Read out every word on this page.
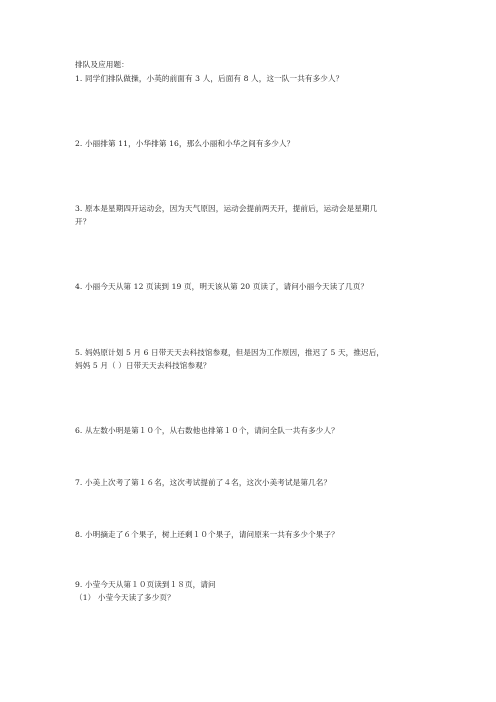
排队及应用题：
1. 同学们排队做操，小英的前面有 3 人，后面有 8 人，这一队一共有多少人？
2. 小丽排第 11，小华排第 16，那么小丽和小华之间有多少人？
3. 原本是星期四开运动会，因为天气原因，运动会提前两天开，提前后，运动会是星期几
开？
4. 小丽今天从第 12 页读到 19 页，明天该从第 20 页读了，请问小丽今天读了几页？
5. 妈妈原计划 5 月 6 日带天天去科技馆参观，但是因为工作原因，推迟了 5 天，推迟后，
妈妈 5 月（ ）日带天天去科技馆参观？
6. 从左数小明是第１０个，从右数他也排第１０个，请问全队一共有多少人？
7. 小美上次考了第１６名，这次考试提前了４名，这次小美考试是第几名？
8. 小明摘走了６个果子，树上还剩１０个果子，请问原来一共有多少个果子？
9. 小莹今天从第１０页读到１８页，请问
（1） 小莹今天读了多少页？
